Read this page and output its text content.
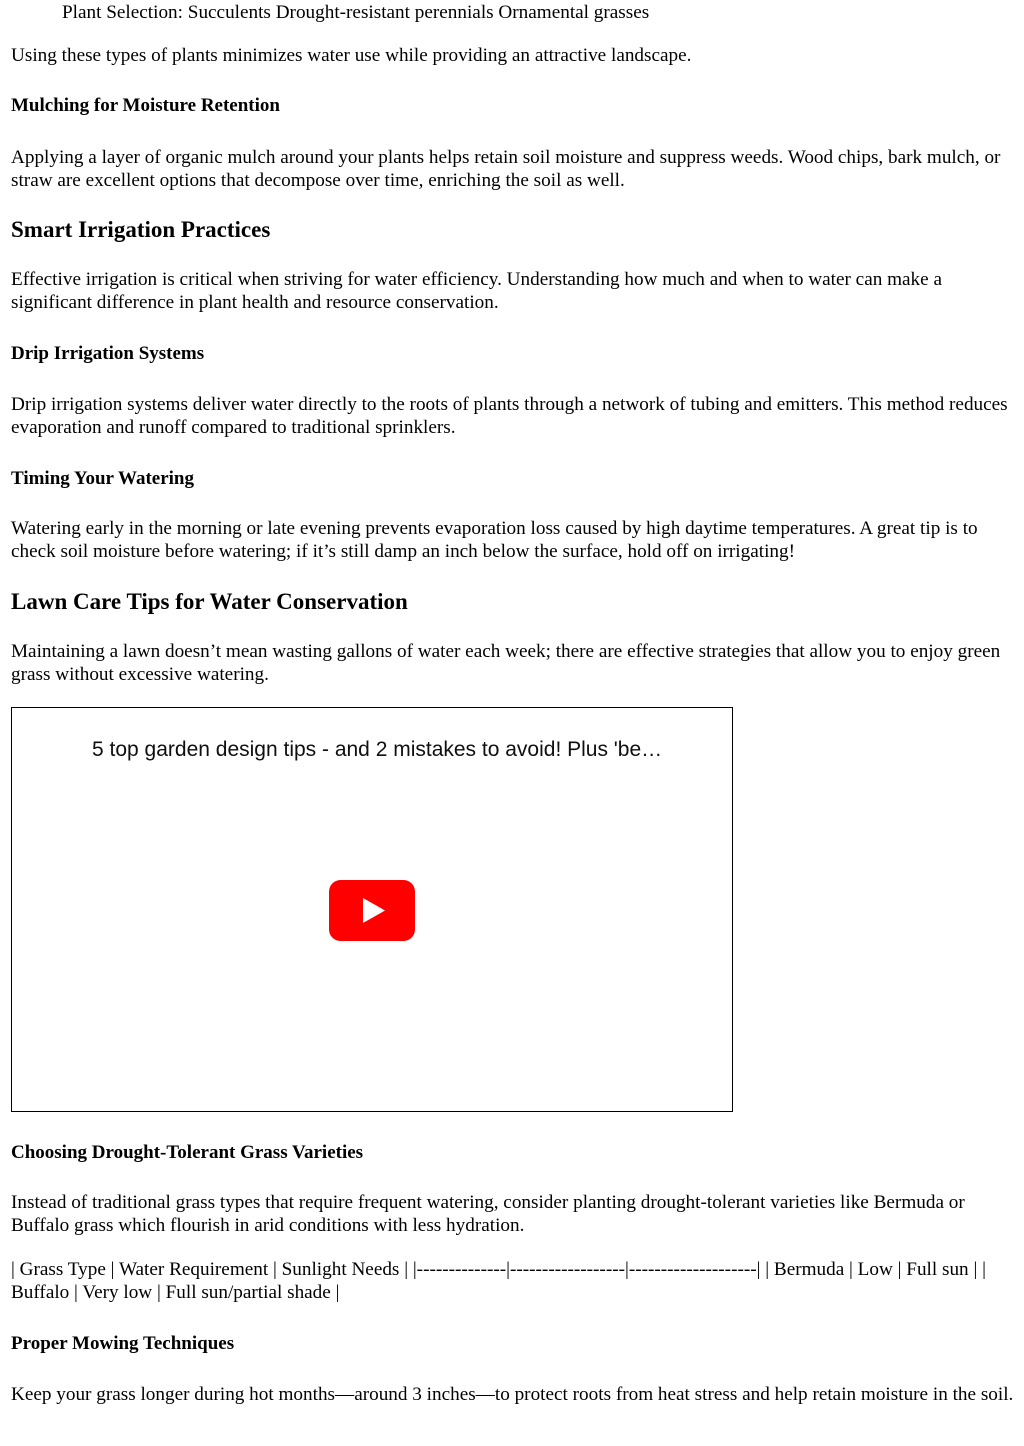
Plant Selection: Succulents Drought-resistant perennials Ornamental grasses

Using these types of plants minimizes water use while providing an attractive landscape.

Mulching for Moisture Retention

Applying a layer of organic mulch around your plants helps retain soil moisture and suppress weeds. Wood chips, bark mulch, or straw are excellent options that decompose over time, enriching the soil as well.

Smart Irrigation Practices

Effective irrigation is critical when striving for water efficiency. Understanding how much and when to water can make a significant difference in plant health and resource conservation.

Drip Irrigation Systems

Drip irrigation systems deliver water directly to the roots of plants through a network of tubing and emitters. This method reduces evaporation and runoff compared to traditional sprinklers.

Timing Your Watering

Watering early in the morning or late evening prevents evaporation loss caused by high daytime temperatures. A great tip is to check soil moisture before watering; if it’s still damp an inch below the surface, hold off on irrigating!

Lawn Care Tips for Water Conservation

Maintaining a lawn doesn’t mean wasting gallons of water each week; there are effective strategies that allow you to enjoy green grass without excessive watering.

5 top garden design tips - and 2 mistakes to avoid! Plus 'be…
Choosing Drought-Tolerant Grass Varieties

Instead of traditional grass types that require frequent watering, consider planting drought-tolerant varieties like Bermuda or Buffalo grass which flourish in arid conditions with less hydration.

| Grass Type | Water Requirement | Sunlight Needs | |--------------|------------------|--------------------| | Bermuda | Low | Full sun | | Buffalo | Very low | Full sun/partial shade |

Proper Mowing Techniques

Keep your grass longer during hot months—around 3 inches—to protect roots from heat stress and help retain moisture in the soil.
